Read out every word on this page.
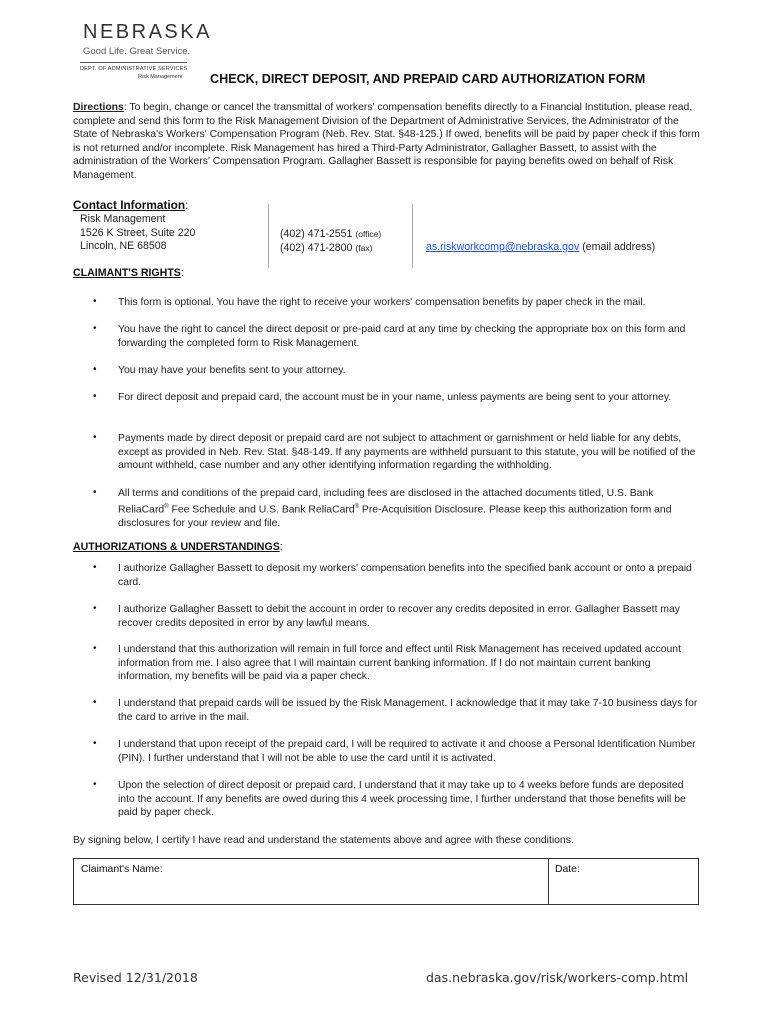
NEBRASKA
Good Life. Great Service.
DEPT. OF ADMINISTRATIVE SERVICES
Risk Management CHECK, DIRECT DEPOSIT, AND PREPAID CARD AUTHORIZATION FORM
Directions: To begin, change or cancel the transmittal of workers' compensation benefits directly to a Financial Institution, please read, complete and send this form to the Risk Management Division of the Department of Administrative Services, the Administrator of the State of Nebraska's Workers' Compensation Program (Neb. Rev. Stat. §48-125.) If owed, benefits will be paid by paper check if this form is not returned and/or incomplete. Risk Management has hired a Third-Party Administrator, Gallagher Bassett, to assist with the administration of the Workers' Compensation Program. Gallagher Bassett is responsible for paying benefits owed on behalf of Risk Management.
Contact Information:
Risk Management
1526 K Street, Suite 220
Lincoln, NE 68508
(402) 471-2551 (office)
(402) 471-2800 (fax)	as.riskworkcomp@nebraska.gov (email address)
CLAIMANT'S RIGHTS:
• This form is optional. You have the right to receive your workers' compensation benefits by paper check in the mail.
• You have the right to cancel the direct deposit or pre-paid card at any time by checking the appropriate box on this form and forwarding the completed form to Risk Management.
• You may have your benefits sent to your attorney.
• For direct deposit and prepaid card, the account must be in your name, unless payments are being sent to your attorney.
• Payments made by direct deposit or prepaid card are not subject to attachment or garnishment or held liable for any debts, except as provided in Neb. Rev. Stat. §48-149. If any payments are withheld pursuant to this statute, you will be notified of the amount withheld, case number and any other identifying information regarding the withholding.
• All terms and conditions of the prepaid card, including fees are disclosed in the attached documents titled, U.S. Bank ReliaCard® Fee Schedule and U.S. Bank ReliaCard® Pre-Acquisition Disclosure. Please keep this authorization form and disclosures for your review and file.
AUTHORIZATIONS & UNDERSTANDINGS:
• I authorize Gallagher Bassett to deposit my workers' compensation benefits into the specified bank account or onto a prepaid card.
• I authorize Gallagher Bassett to debit the account in order to recover any credits deposited in error. Gallagher Bassett may recover credits deposited in error by any lawful means.
• I understand that this authorization will remain in full force and effect until Risk Management has received updated account information from me. I also agree that I will maintain current banking information. If I do not maintain current banking information, my benefits will be paid via a paper check.
• I understand that prepaid cards will be issued by the Risk Management. I acknowledge that it may take 7-10 business days for the card to arrive in the mail.
• I understand that upon receipt of the prepaid card, I will be required to activate it and choose a Personal Identification Number (PIN). I further understand that I will not be able to use the card until it is activated.
• Upon the selection of direct deposit or prepaid card, I understand that it may take up to 4 weeks before funds are deposited into the account. If any benefits are owed during this 4 week processing time, I further understand that those benefits will be paid by paper check.
By signing below, I certify I have read and understand the statements above and agree with these conditions.
Claimant's Name:	Date:
Revised 12/31/2018	das.nebraska.gov/risk/workers-comp.html
